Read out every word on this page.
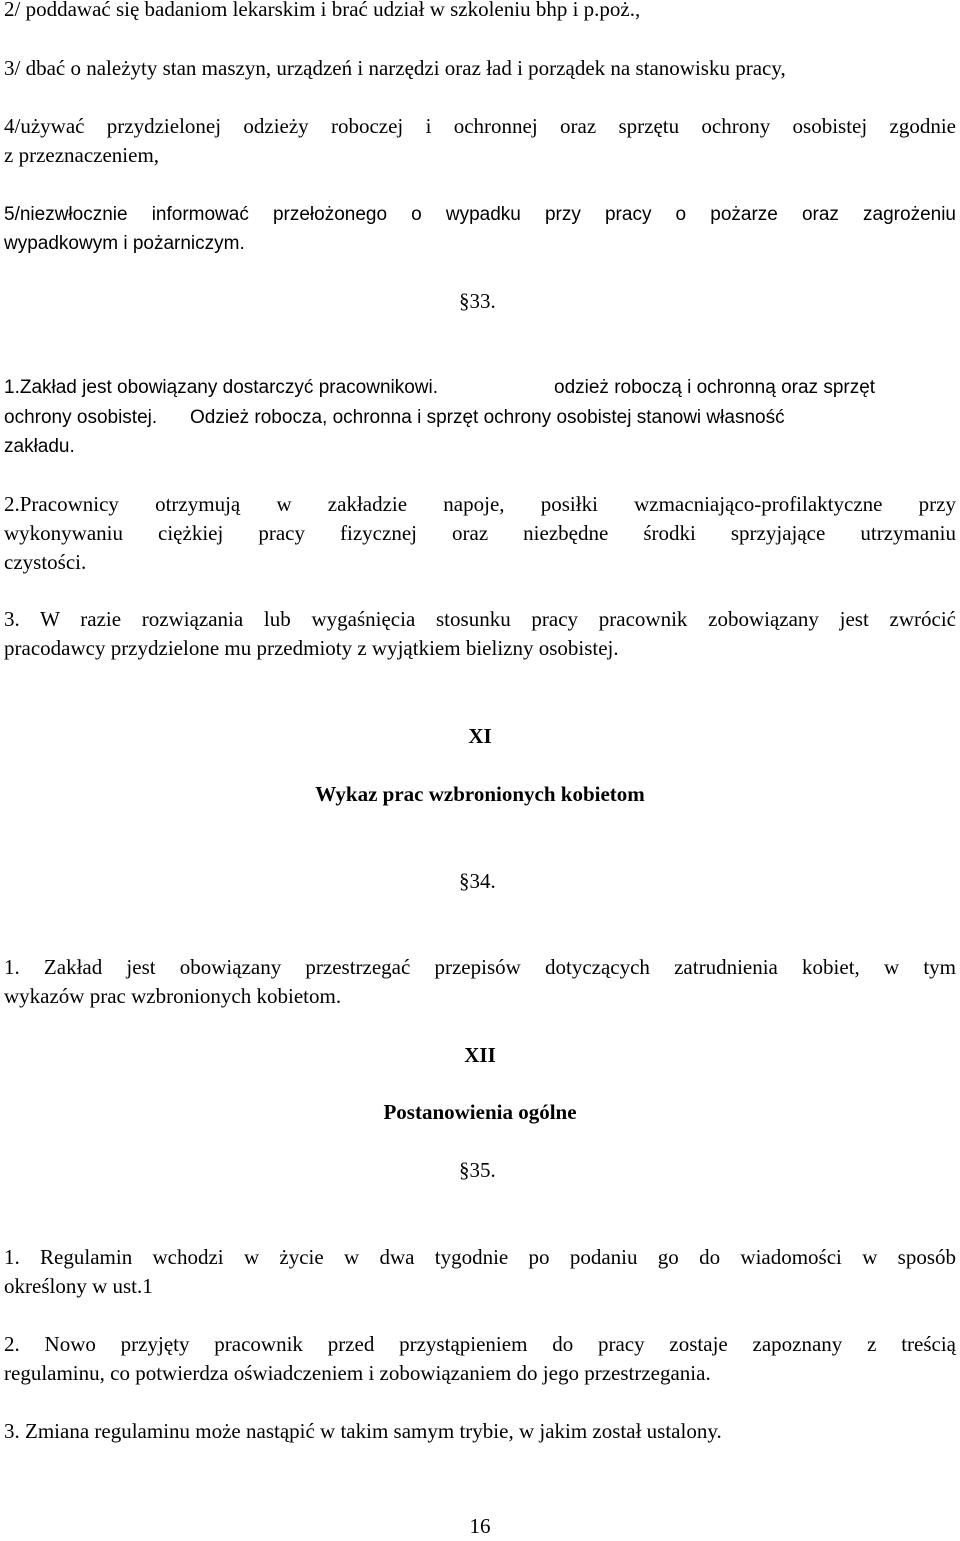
2/ poddawać się badaniom lekarskim i brać udział w szkoleniu bhp i p.poż.,
3/ dbać o należyty stan maszyn, urządzeń i narzędzi oraz ład i porządek na stanowisku pracy,
4/używać przydzielonej odzieży roboczej i ochronnej oraz sprzętu ochrony osobistej zgodnie
z przeznaczeniem,
5/niezwłocznie informować przełożonego o wypadku przy pracy o pożarze oraz zagrożeniu
wypadkowym i pożarniczym.
§33.
1.Zakład jest obowiązany dostarczyć pracownikowi.	odzież roboczą i ochronną oraz sprzęt
ochrony osobistej. Odzież robocza, ochronna i sprzęt ochrony osobistej stanowi własność
zakładu.
2.Pracownicy otrzymują w zakładzie napoje, posiłki wzmacniająco-profilaktyczne przy
wykonywaniu ciężkiej pracy fizycznej oraz niezbędne środki sprzyjające utrzymaniu
czystości.
3. W razie rozwiązania lub wygaśnięcia stosunku pracy pracownik zobowiązany jest zwrócić
pracodawcy przydzielone mu przedmioty z wyjątkiem bielizny osobistej.
XI
Wykaz prac wzbronionych kobietom
§34.
1. Zakład jest obowiązany przestrzegać przepisów dotyczących zatrudnienia kobiet, w tym
wykazów prac wzbronionych kobietom.
XII
Postanowienia ogólne
§35.
1. Regulamin wchodzi w życie w dwa tygodnie po podaniu go do wiadomości w sposób
określony w ust.1
2. Nowo przyjęty pracownik przed przystąpieniem do pracy zostaje zapoznany z treścią
regulaminu, co potwierdza oświadczeniem i zobowiązaniem do jego przestrzegania.
3. Zmiana regulaminu może nastąpić w takim samym trybie, w jakim został ustalony.
16
